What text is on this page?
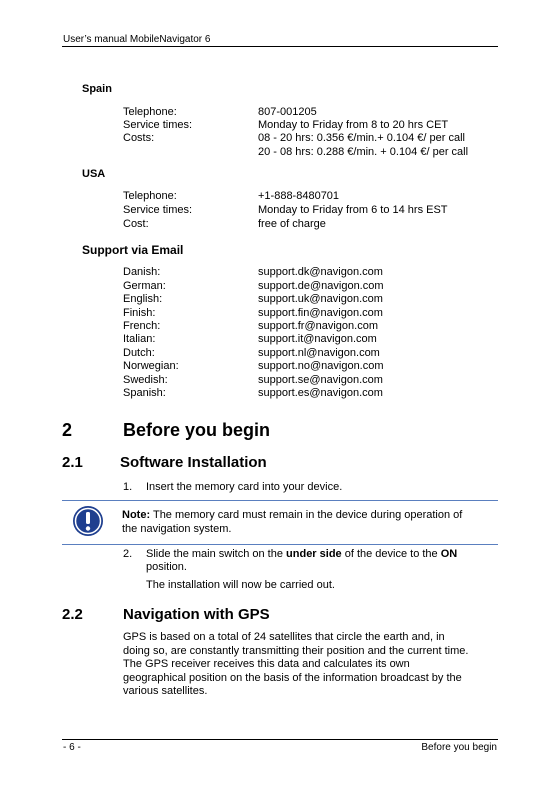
User’s manual MobileNavigator 6
Spain
Telephone:	807-001205
Service times:	Monday to Friday from 8 to 20 hrs CET
Costs:	08 - 20 hrs: 0.356 €/min.+ 0.104 €/ per call
20 - 08 hrs: 0.288 €/min. + 0.104 €/ per call
USA
Telephone:	+1-888-8480701
Service times:	Monday to Friday from 6 to 14 hrs EST
Cost:	free of charge
Support via Email
Danish:	support.dk@navigon.com
German:	support.de@navigon.com
English:	support.uk@navigon.com
Finish:	support.fin@navigon.com
French:	support.fr@navigon.com
Italian:	support.it@navigon.com
Dutch:	support.nl@navigon.com
Norwegian:	support.no@navigon.com
Swedish:	support.se@navigon.com
Spanish:	support.es@navigon.com
2	Before you begin
2.1 Software Installation
1. Insert the memory card into your device.
Note: The memory card must remain in the device during operation of
the navigation system.
2. Slide the main switch on the under side of the device to the ON
position.
The installation will now be carried out.
2.2	Navigation with GPS
GPS is based on a total of 24 satellites that circle the earth and, in
doing so, are constantly transmitting their position and the current time.
The GPS receiver receives this data and calculates its own
geographical position on the basis of the information broadcast by the
various satellites.
- 6 -	Before you begin
